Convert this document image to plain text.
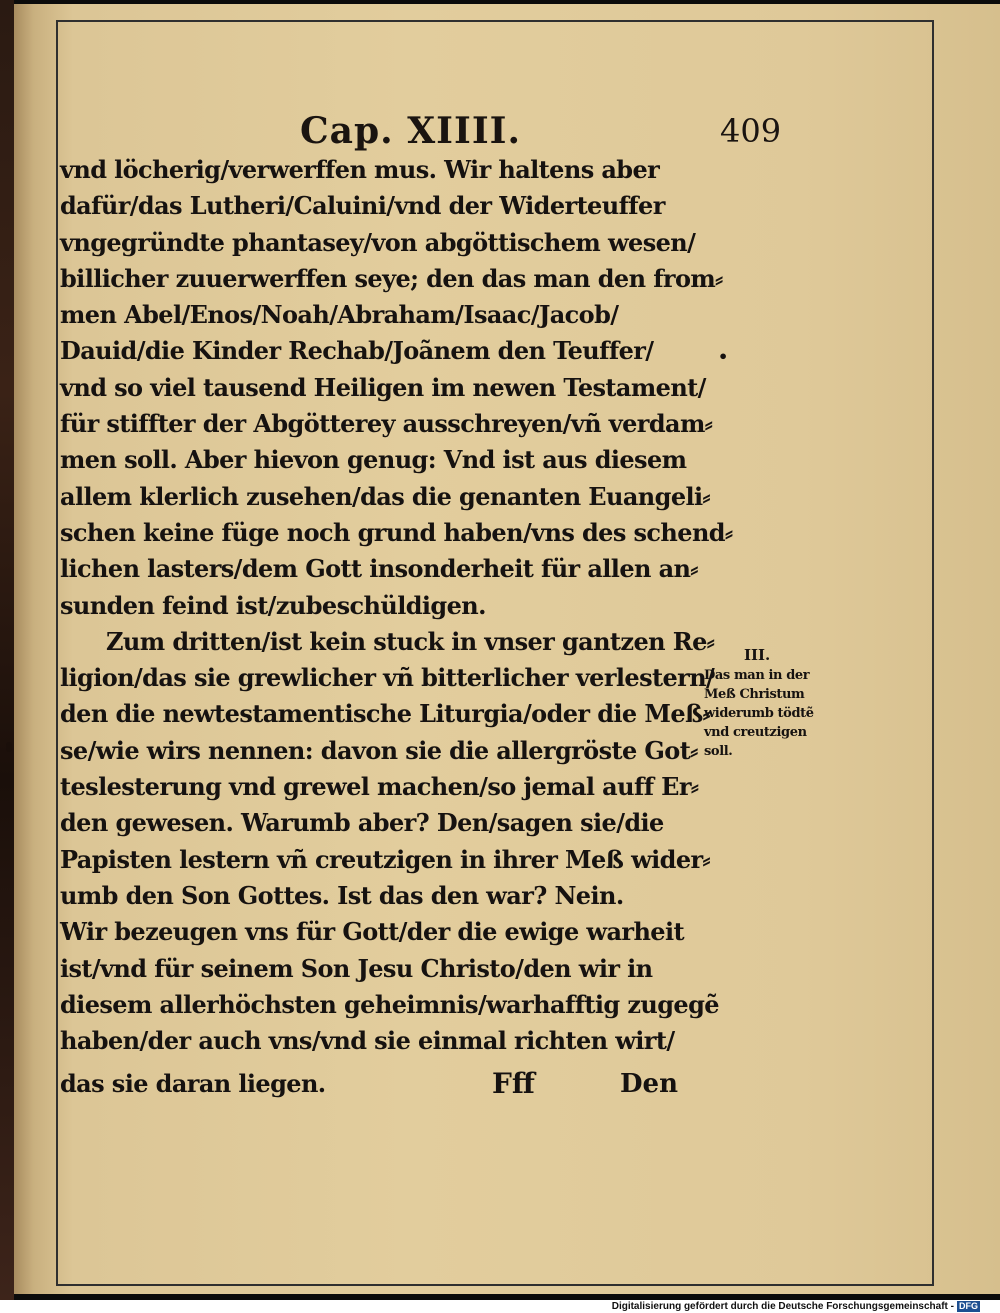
Cap. XIIII.	409
vnd löcherig/verwerffen mus. Wir haltens aber
dafür/das Lutheri/Caluini/vnd der Widerteuffer
vngegründte phantasey/von abgöttischem wesen/
billicher zuuerwerffen seye; den das man den from⸗
men Abel/Enos/Noah/Abraham/Isaac/Jacob/
Dauid/die Kinder Rechab/Joãnem den Teuffer/
vnd so viel tausend Heiligen im newen Testament/
für stiffter der Abgötterey ausschreyen/vñ verdam⸗
men soll. Aber hievon genug: Vnd ist aus diesem
allem klerlich zusehen/das die genanten Euangeli⸗
schen keine füge noch grund haben/vns des schend⸗
lichen lasters/dem Gott insonderheit für allen an⸗
sunden feind ist/zubeschüldigen.
Zum dritten/ist kein stuck in vnser gantzen Re⸗
ligion/das sie grewlicher vñ bitterlicher verlestern/
den die newtestamentische Liturgia/oder die Meß⸗
se/wie wirs nennen: davon sie die allergröste Got⸗
teslesterung vnd grewel machen/so jemal auff Er⸗
den gewesen. Warumb aber? Den/sagen sie/die
Papisten lestern vñ creutzigen in ihrer Meß wider⸗
umb den Son Gottes. Ist das den war? Nein.
Wir bezeugen vns für Gott/der die ewige warheit
ist/vnd für seinem Son Jesu Christo/den wir in
diesem allerhöchsten geheimnis/warhafftig zugegẽ
haben/der auch vns/vnd sie einmal richten wirt/
•
III.
Das man in der
Meß Christum
widerumb tödtẽ
vnd creutzigen
soll.
das sie daran liegen.	Fff	Den
Digitalisierung gefördert durch die Deutsche Forschungsgemeinschaft - DFG
